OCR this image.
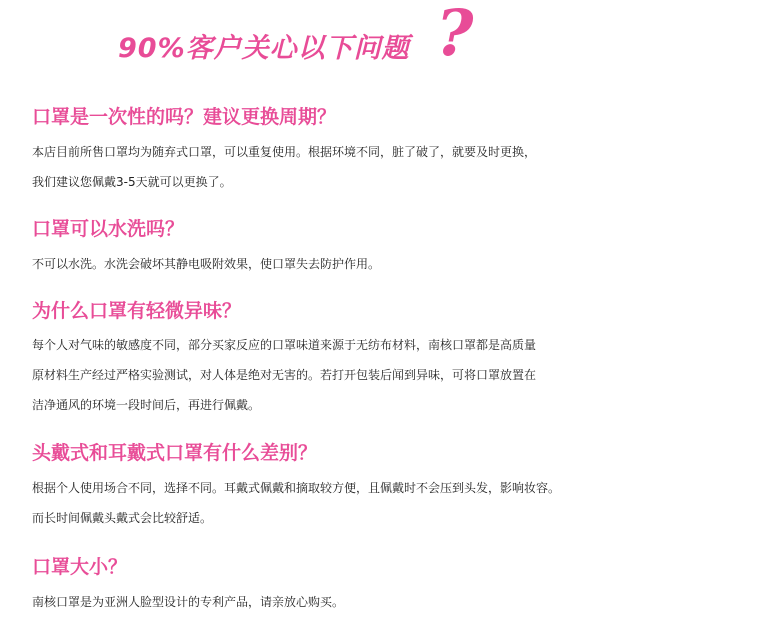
90%客户关心以下问题 ?
口罩是一次性的吗？建议更换周期？
本店目前所售口罩均为随弃式口罩，可以重复使用。根据环境不同，脏了破了，就要及时更换，
我们建议您佩戴3-5天就可以更换了。
口罩可以水洗吗？
不可以水洗。水洗会破坏其静电吸附效果，使口罩失去防护作用。
为什么口罩有轻微异味？
每个人对气味的敏感度不同，部分买家反应的口罩味道来源于无纺布材料，南核口罩都是高质量
原材料生产经过严格实验测试，对人体是绝对无害的。若打开包装后闻到异味，可将口罩放置在
洁净通风的环境一段时间后，再进行佩戴。
头戴式和耳戴式口罩有什么差别？
根据个人使用场合不同，选择不同。耳戴式佩戴和摘取较方便，且佩戴时不会压到头发，影响妆容。
而长时间佩戴头戴式会比较舒适。
口罩大小？
南核口罩是为亚洲人脸型设计的专利产品，请亲放心购买。
